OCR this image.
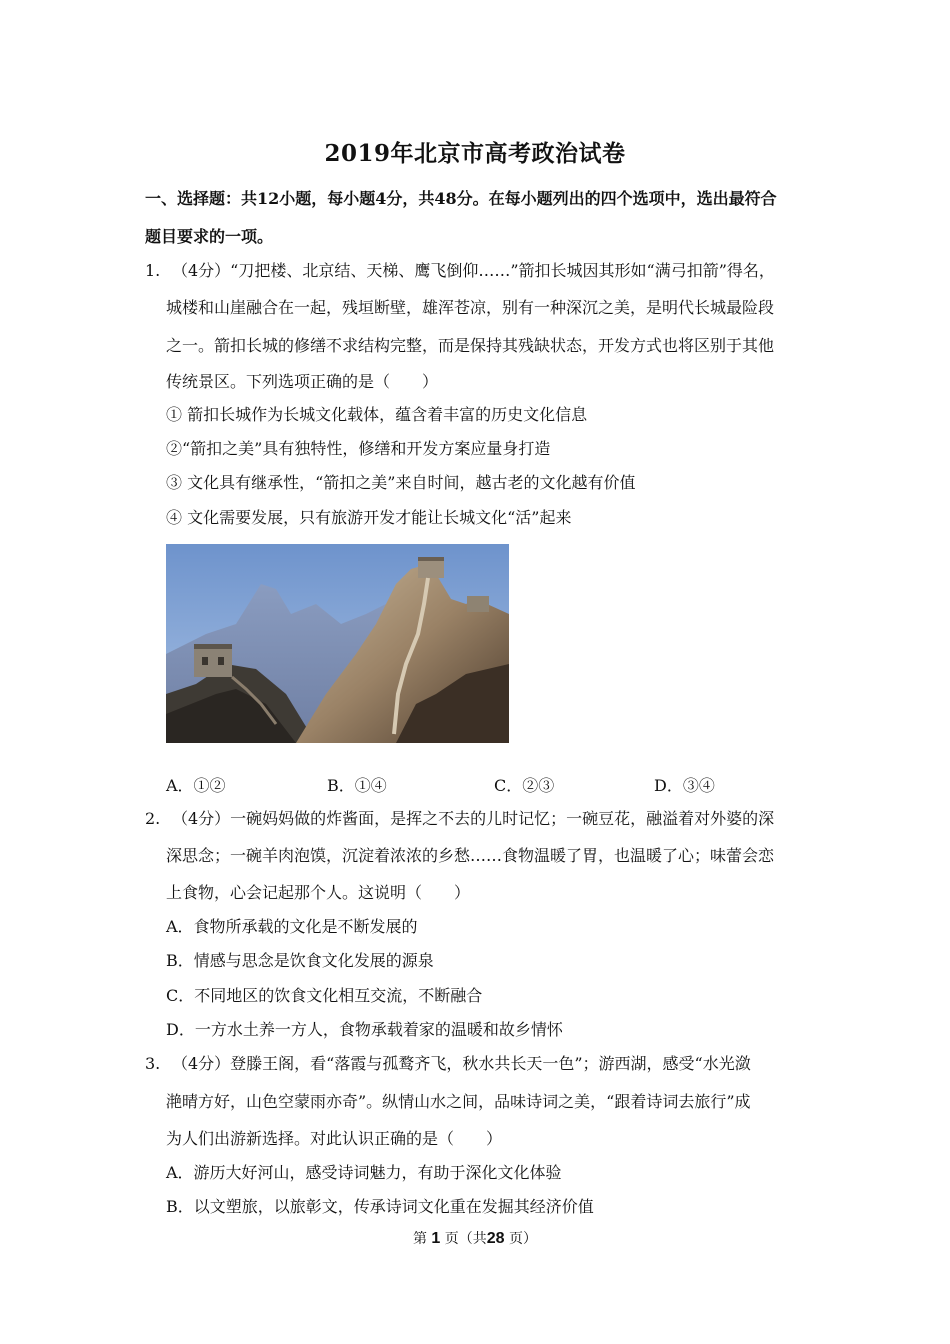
2019年北京市高考政治试卷
一、选择题：共12小题，每小题4分，共48分。在每小题列出的四个选项中，选出最符合
题目要求的一项。
1. （4分）“刀把楼、北京结、天梯、鹰飞倒仰……”箭扣长城因其形如“满弓扣箭”得名，
城楼和山崖融合在一起，残垣断壁，雄浑苍凉，别有一种深沉之美，是明代长城最险段
之一。箭扣长城的修缮不求结构完整，而是保持其残缺状态，开发方式也将区别于其他
传统景区。下列选项正确的是（　　）
① 箭扣长城作为长城文化载体，蕴含着丰富的历史文化信息
②“箭扣之美”具有独特性，修缮和开发方案应量身打造
③ 文化具有继承性，“箭扣之美”来自时间，越古老的文化越有价值
④ 文化需要发展，只有旅游开发才能让长城文化“活”起来
A．①②	B．①④	C．②③	D．③④
2. （4分）一碗妈妈做的炸酱面，是挥之不去的儿时记忆；一碗豆花，融溢着对外婆的深
深思念；一碗羊肉泡馍，沉淀着浓浓的乡愁……食物温暖了胃，也温暖了心；味蕾会恋
上食物，心会记起那个人。这说明（　　）
A．食物所承载的文化是不断发展的
B．情感与思念是饮食文化发展的源泉
C．不同地区的饮食文化相互交流，不断融合
D．一方水土养一方人，食物承载着家的温暖和故乡情怀
3. （4分）登滕王阁，看“落霞与孤鹜齐飞，秋水共长天一色”；游西湖，感受“水光潋
滟晴方好，山色空蒙雨亦奇”。纵情山水之间，品味诗词之美，“跟着诗词去旅行”成
为人们出游新选择。对此认识正确的是（　　）
A．游历大好河山，感受诗词魅力，有助于深化文化体验
B．以文塑旅，以旅彰文，传承诗词文化重在发掘其经济价值
第 1 页（共28 页）
